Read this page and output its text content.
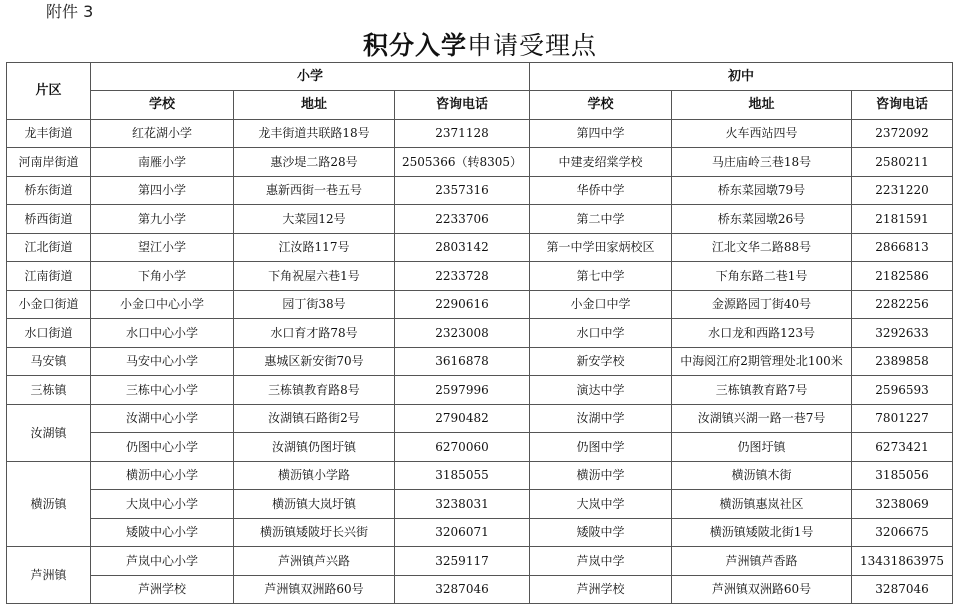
附件 3
积分入学申请受理点
片区	小学			初中		
	学校	地址	咨询电话	学校	地址	咨询电话
龙丰街道	红花湖小学	龙丰街道共联路18号	2371128	第四中学	火车西站四号	2372092
河南岸街道	南雁小学	惠沙堤二路28号	2505366（转8305）	中建麦绍棠学校	马庄庙岭三巷18号	2580211
桥东街道	第四小学	惠新西街一巷五号	2357316	华侨中学	桥东菜园墩79号	2231220
桥西街道	第九小学	大菜园12号	2233706	第二中学	桥东菜园墩26号	2181591
江北街道	望江小学	江汝路117号	2803142	第一中学田家炳校区	江北文华二路88号	2866813
江南街道	下角小学	下角祝屋六巷1号	2233728	第七中学	下角东路二巷1号	2182586
小金口街道	小金口中心小学	园丁街38号	2290616	小金口中学	金源路园丁街40号	2282256
水口街道	水口中心小学	水口育才路78号	2323008	水口中学	水口龙和西路123号	3292633
马安镇	马安中心小学	惠城区新安街70号	3616878	新安学校	中海阅江府2期管理处北100米	2389858
三栋镇	三栋中心小学	三栋镇教育路8号	2597996	演达中学	三栋镇教育路7号	2596593
汝湖镇	汝湖中心小学	汝湖镇石路街2号	2790482	汝湖中学	汝湖镇兴湖一路一巷7号	7801227
	仍图中心小学	汝湖镇仍图圩镇	6270060	仍图中学	仍图圩镇	6273421
横沥镇	横沥中心小学	横沥镇小学路	3185055	横沥中学	横沥镇木街	3185056
	大岚中心小学	横沥镇大岚圩镇	3238031	大岚中学	横沥镇惠岚社区	3238069
	矮陂中心小学	横沥镇矮陂圩长兴街	3206071	矮陂中学	横沥镇矮陂北街1号	3206675
芦洲镇	芦岚中心小学	芦洲镇芦兴路	3259117	芦岚中学	芦洲镇芦香路	13431863975
	芦洲学校	芦洲镇双洲路60号	3287046	芦洲学校	芦洲镇双洲路60号	3287046
